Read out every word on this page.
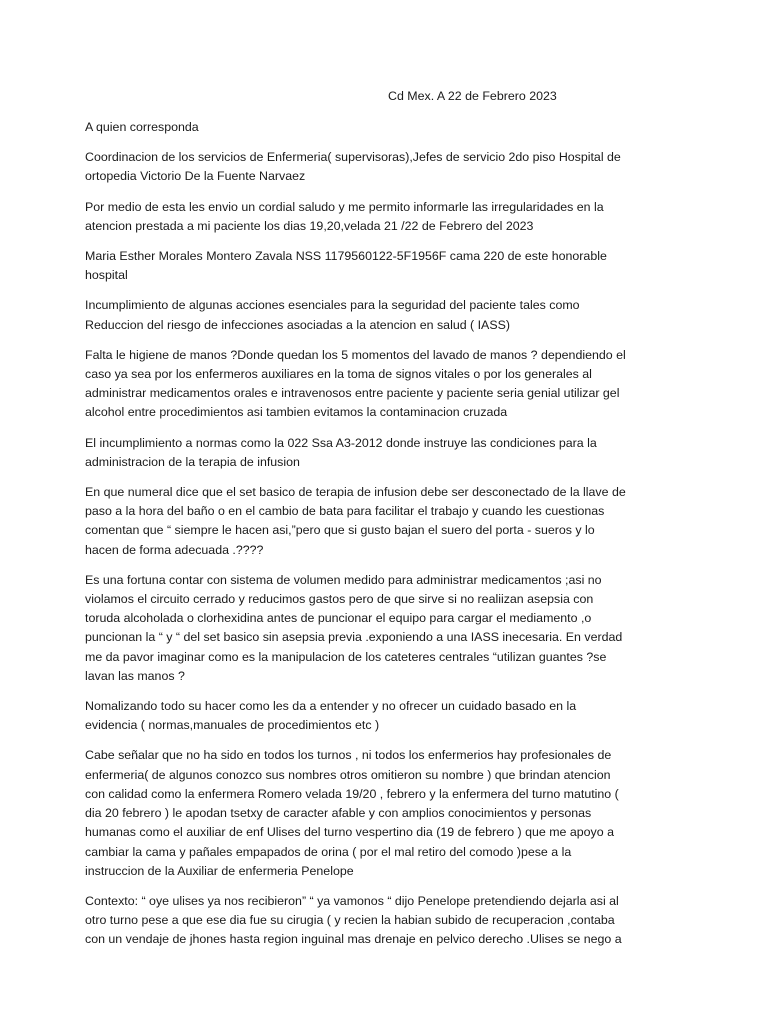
Cd Mex. A 22 de Febrero 2023

A quien corresponda

Coordinacion de los servicios de Enfermeria( supervisoras),Jefes de servicio 2do piso Hospital de ortopedia Victorio De la Fuente Narvaez

Por medio de esta les envio un cordial saludo y me permito informarle las irregularidades en la atencion prestada a mi paciente los dias 19,20,velada 21 /22 de Febrero del 2023

Maria Esther Morales Montero Zavala NSS 1179560122-5F1956F cama 220 de este honorable hospital

Incumplimiento de algunas acciones esenciales para la seguridad del paciente tales como Reduccion del riesgo de infecciones asociadas a la atencion en salud ( IASS)

Falta le higiene de manos ?Donde quedan los 5 momentos del lavado de manos ? dependiendo el caso ya sea por los enfermeros auxiliares en la toma de signos vitales o por los generales al administrar medicamentos orales e intravenosos entre paciente y paciente seria genial utilizar gel alcohol entre procedimientos asi tambien evitamos la contaminacion cruzada

El incumplimiento a normas como la 022 Ssa A3-2012 donde instruye las condiciones para la administracion de la terapia de infusion

En que numeral dice que el set basico de terapia de infusion debe ser desconectado de la llave de paso a la hora del baño o en el cambio de bata para facilitar el trabajo y cuando les cuestionas comentan que “ siempre le hacen asi,”pero que si gusto bajan el suero del porta - sueros y lo hacen de forma adecuada .????

Es una fortuna contar con sistema de volumen medido para administrar medicamentos ;asi no violamos el circuito cerrado y reducimos gastos pero de que sirve si no realiizan asepsia con toruda alcoholada o clorhexidina antes de puncionar el equipo para cargar el mediamento ,o puncionan la “ y “ del set basico sin asepsia previa .exponiendo a una IASS inecesaria. En verdad me da pavor imaginar como es la manipulacion de los cateteres centrales “utilizan guantes ?se lavan las manos ?

Nomalizando todo su hacer como les da a entender y no ofrecer un cuidado basado en la evidencia ( normas,manuales de procedimientos etc )

Cabe señalar que no ha sido en todos los turnos , ni todos los enfermerios hay profesionales de enfermeria( de algunos conozco sus nombres otros omitieron su nombre ) que brindan atencion con calidad como la enfermera Romero velada 19/20 , febrero y la enfermera del turno matutino ( dia 20 febrero ) le apodan tsetxy de caracter afable y con amplios conocimientos y personas humanas como el auxiliar de enf Ulises del turno vespertino dia (19 de febrero ) que me apoyo a cambiar la cama y pañales empapados de orina ( por el mal retiro del comodo )pese a la instruccion de la Auxiliar de enfermeria Penelope

Contexto: “ oye ulises ya nos recibieron” “ ya vamonos “ dijo Penelope pretendiendo dejarla asi al otro turno pese a que ese dia fue su cirugia ( y recien la habian subido de recuperacion ,contaba con un vendaje de jhones hasta region inguinal mas drenaje en pelvico derecho .Ulises se nego a
